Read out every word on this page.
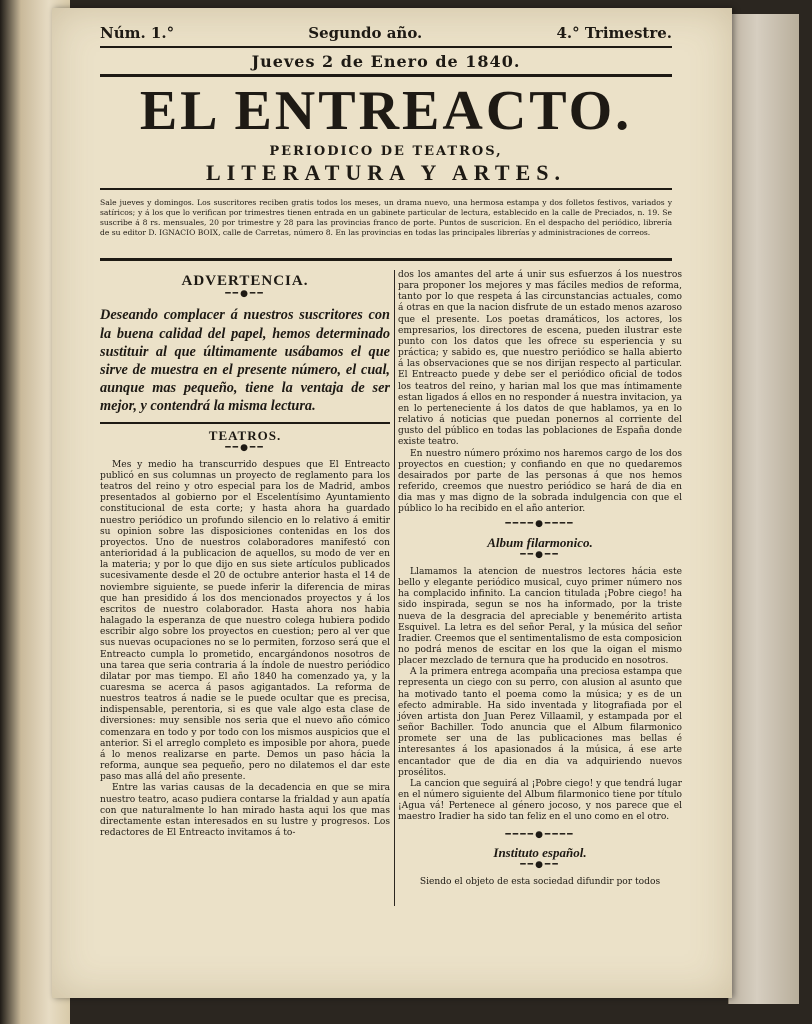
Núm. 1.°	Segundo año.	4.° Trimestre.
Jueves 2 de Enero de 1840.
EL ENTREACTO.
PERIODICO DE TEATROS,
LITERATURA Y ARTES.
Sale jueves y domingos. Los suscritores reciben gratis todos los meses, un drama nuevo, una hermosa estampa y dos folletos festivos, variados y satíricos; y á los que lo verifican por trimestres tienen entrada en un gabinete particular de lectura, establecido en la calle de Preciados, n. 19. Se suscribe á 8 rs. mensuales, 20 por trimestre y 28 para las provincias franco de porte. Puntos de suscricion. En el despacho del periódico, librería de su editor D. IGNACIO BOIX, calle de Carretas, número 8. En las provincias en todas las principales librerías y administraciones de correos.
ADVERTENCIA.
━━●━━

Deseando complacer á nuestros suscritores con la buena calidad del papel, hemos determinado sustituir al que últimamente usábamos el que sirve de muestra en el presente número, el cual, aunque mas pequeño, tiene la ventaja de ser mejor, y contendrá la misma lectura.

TEATROS.
━━●━━

Mes y medio ha transcurrido despues que El Entreacto publicó en sus columnas un proyecto de reglamento para los teatros del reino y otro especial para los de Madrid, ambos presentados al gobierno por el Escelentísimo Ayuntamiento constitucional de esta corte; y hasta ahora ha guardado nuestro periódico un profundo silencio en lo relativo á emitir su opinion sobre las disposiciones contenidas en los dos proyectos. Uno de nuestros colaboradores manifestó con anterioridad á la publicacion de aquellos, su modo de ver en la materia; y por lo que dijo en sus siete artículos publicados sucesivamente desde el 20 de octubre anterior hasta el 14 de noviembre siguiente, se puede inferir la diferencia de miras que han presidido á los dos mencionados proyectos y á los escritos de nuestro colaborador. Hasta ahora nos habia halagado la esperanza de que nuestro colega hubiera podido escribir algo sobre los proyectos en cuestion; pero al ver que sus nuevas ocupaciones no se lo permiten, forzoso será que el Entreacto cumpla lo prometido, encargándonos nosotros de una tarea que seria contraria á la índole de nuestro periódico dilatar por mas tiempo. El año 1840 ha comenzado ya, y la cuaresma se acerca á pasos agigantados. La reforma de nuestros teatros á nadie se le puede ocultar que es precisa, indispensable, perentoria, si es que vale algo esta clase de diversiones: muy sensible nos seria que el nuevo año cómico comenzara en todo y por todo con los mismos auspicios que el anterior. Si el arreglo completo es imposible por ahora, puede á lo menos realizarse en parte. Demos un paso hácia la reforma, aunque sea pequeño, pero no dilatemos el dar este paso mas allá del año presente.

Entre las varias causas de la decadencia en que se mira nuestro teatro, acaso pudiera contarse la frialdad y aun apatía con que naturalmente lo han mirado hasta aqui los que mas directamente estan interesados en su lustre y progresos. Los redactores de El Entreacto invitamos á to-

dos los amantes del arte á unir sus esfuerzos á los nuestros para proponer los mejores y mas fáciles medios de reforma, tanto por lo que respeta á las circunstancias actuales, como á otras en que la nacion disfrute de un estado menos azaroso que el presente. Los poetas dramáticos, los actores, los empresarios, los directores de escena, pueden ilustrar este punto con los datos que les ofrece su esperiencia y su práctica; y sabido es, que nuestro periódico se halla abierto á las observaciones que se nos dirijan respecto al particular. El Entreacto puede y debe ser el periódico oficial de todos los teatros del reino, y harian mal los que mas íntimamente estan ligados á ellos en no responder á nuestra invitacion, ya en lo perteneciente á los datos de que hablamos, ya en lo relativo á noticias que puedan ponernos al corriente del gusto del público en todas las poblaciones de España donde existe teatro.

En nuestro número próximo nos haremos cargo de los dos proyectos en cuestion; y confiando en que no quedaremos desairados por parte de las personas á que nos hemos referido, creemos que nuestro periódico se hará de dia en dia mas y mas digno de la sobrada indulgencia con que el público lo ha recibido en el año anterior.

━━━━●━━━━
Album filarmonico.
━━●━━

Llamamos la atencion de nuestros lectores hácia este bello y elegante periódico musical, cuyo primer número nos ha complacido infinito. La cancion titulada ¡Pobre ciego! ha sido inspirada, segun se nos ha informado, por la triste nueva de la desgracia del apreciable y benemérito artista Esquivel. La letra es del señor Peral, y la música del señor Iradier. Creemos que el sentimentalismo de esta composicion no podrá menos de escitar en los que la oigan el mismo placer mezclado de ternura que ha producido en nosotros.

A la primera entrega acompaña una preciosa estampa que representa un ciego con su perro, con alusion al asunto que ha motivado tanto el poema como la música; y es de un efecto admirable. Ha sido inventada y litografiada por el jóven artista don Juan Perez Villaamil, y estampada por el señor Bachiller. Todo anuncia que el Album filarmonico promete ser una de las publicaciones mas bellas é interesantes á los apasionados á la música, á ese arte encantador que de dia en dia va adquiriendo nuevos prosélitos.

La cancion que seguirá al ¡Pobre ciego! y que tendrá lugar en el número siguiente del Album filarmonico tiene por título ¡Agua vá! Pertenece al género jocoso, y nos parece que el maestro Iradier ha sido tan feliz en el uno como en el otro.

━━━━●━━━━
Instituto español.
━━●━━

Siendo el objeto de esta sociedad difundir por todos
